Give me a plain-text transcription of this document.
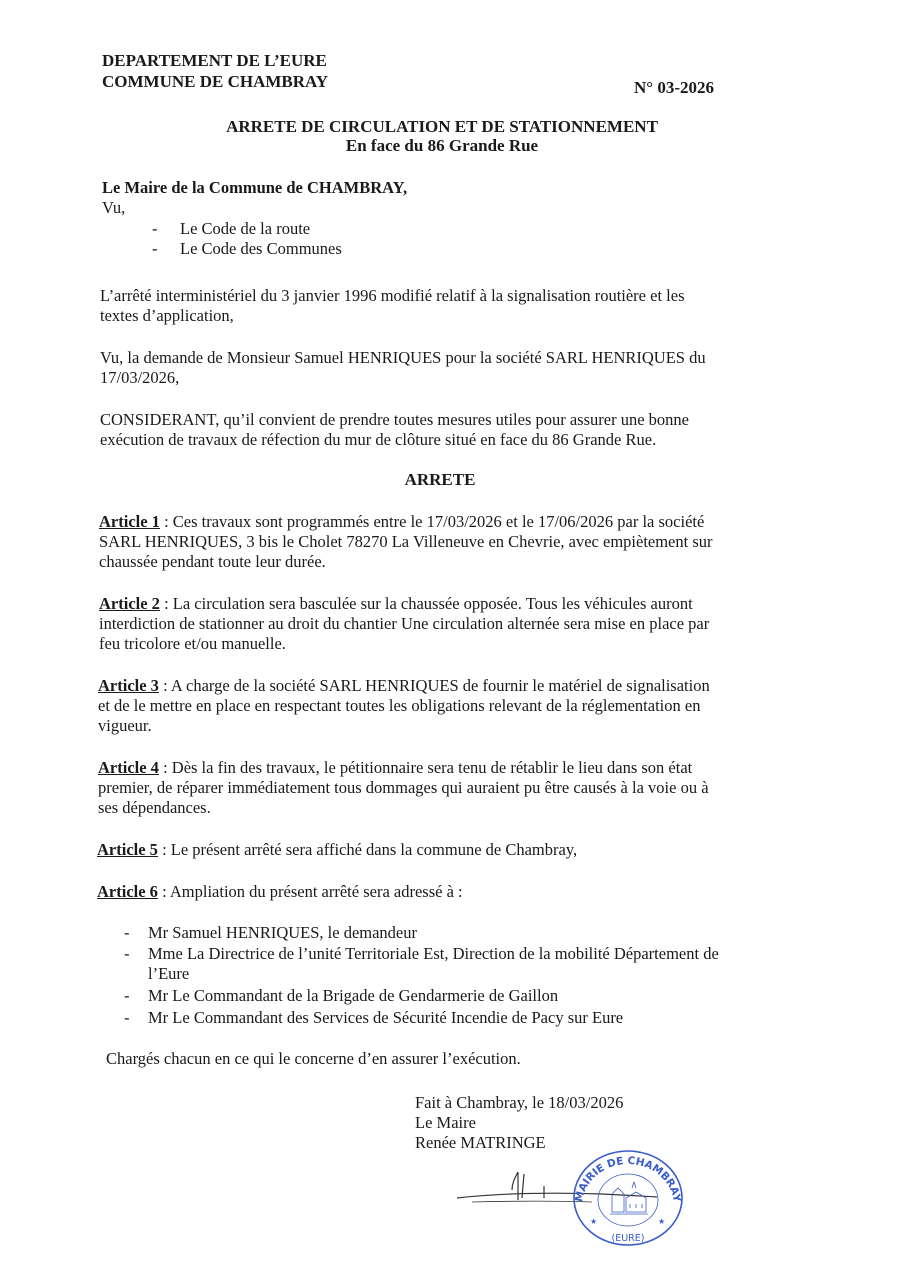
DEPARTEMENT DE L’EURE
COMMUNE DE CHAMBRAY	N° 03-2026
ARRETE DE CIRCULATION ET DE STATIONNEMENT
En face du 86 Grande Rue
Le Maire de la Commune de CHAMBRAY,
Vu,
- Le Code de la route
- Le Code des Communes
L’arrêté interministériel du 3 janvier 1996 modifié relatif à la signalisation routière et les
textes d’application,
Vu, la demande de Monsieur Samuel HENRIQUES pour la société SARL HENRIQUES du
17/03/2026,
CONSIDERANT, qu’il convient de prendre toutes mesures utiles pour assurer une bonne
exécution de travaux de réfection du mur de clôture situé en face du 86 Grande Rue.
ARRETE
Article 1 : Ces travaux sont programmés entre le 17/03/2026 et le 17/06/2026 par la société
SARL HENRIQUES, 3 bis le Cholet 78270 La Villeneuve en Chevrie, avec empiètement sur
chaussée pendant toute leur durée.
Article 2 : La circulation sera basculée sur la chaussée opposée. Tous les véhicules auront
interdiction de stationner au droit du chantier Une circulation alternée sera mise en place par
feu tricolore et/ou manuelle.
Article 3 : A charge de la société SARL HENRIQUES de fournir le matériel de signalisation
et de le mettre en place en respectant toutes les obligations relevant de la réglementation en
vigueur.
Article 4 : Dès la fin des travaux, le pétitionnaire sera tenu de rétablir le lieu dans son état
premier, de réparer immédiatement tous dommages qui auraient pu être causés à la voie ou à
ses dépendances.
Article 5 : Le présent arrêté sera affiché dans la commune de Chambray,
Article 6 : Ampliation du présent arrêté sera adressé à :
- Mr Samuel HENRIQUES, le demandeur
- Mme La Directrice de l’unité Territoriale Est, Direction de la mobilité Département de
l’Eure
- Mr Le Commandant de la Brigade de Gendarmerie de Gaillon
- Mr Le Commandant des Services de Sécurité Incendie de Pacy sur Eure
Chargés chacun en ce qui le concerne d’en assurer l’exécution.
Fait à Chambray, le 18/03/2026
Le Maire
Renée MATRINGE
MAIRIE DE CHAMBRAY
(EURE)
★	★
